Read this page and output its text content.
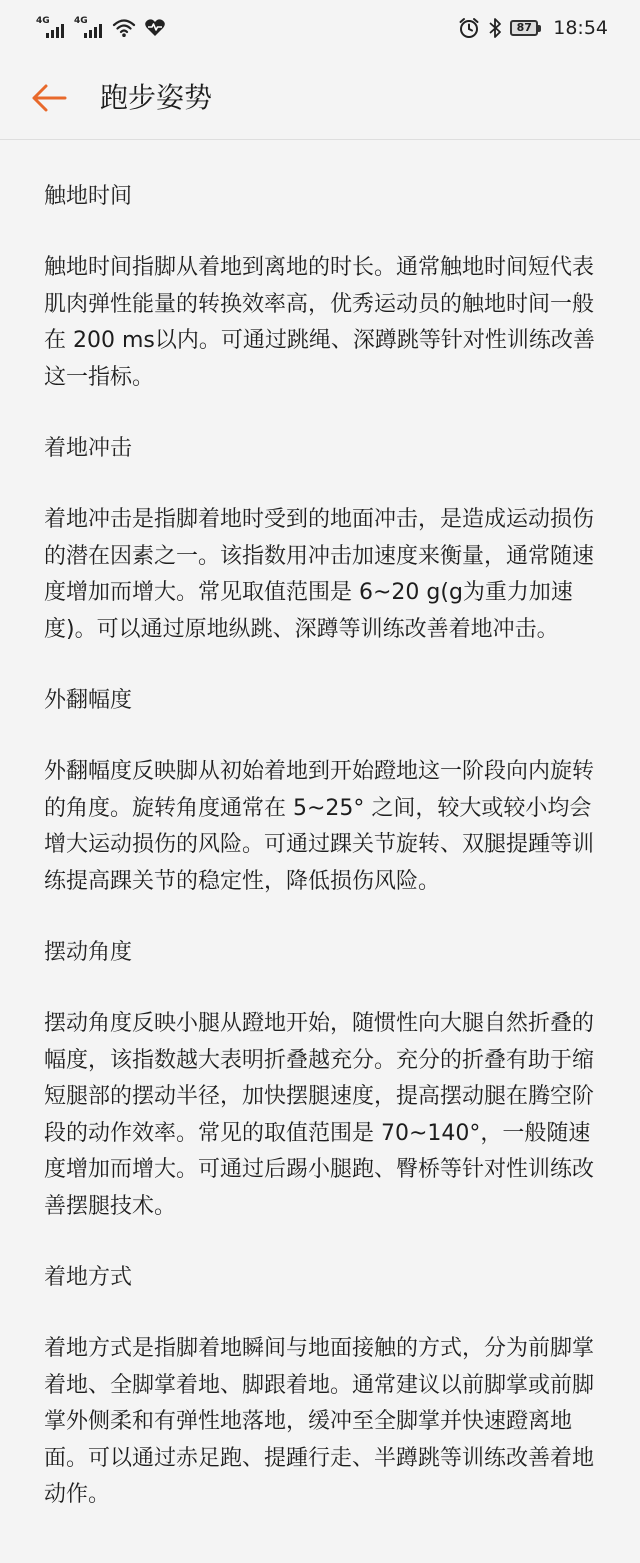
4G	4G	87 18:54
跑步姿势
触地时间
触地时间指脚从着地到离地的时长。通常触地时间短代表肌肉弹性能量的转换效率高，优秀运动员的触地时间一般在 200 ms以内。可通过跳绳、深蹲跳等针对性训练改善这一指标。
着地冲击
着地冲击是指脚着地时受到的地面冲击，是造成运动损伤的潜在因素之一。该指数用冲击加速度来衡量，通常随速度增加而增大。常见取值范围是 6~20 g(g为重力加速度)。可以通过原地纵跳、深蹲等训练改善着地冲击。
外翻幅度
外翻幅度反映脚从初始着地到开始蹬地这一阶段向内旋转的角度。旋转角度通常在 5~25° 之间，较大或较小均会增大运动损伤的风险。可通过踝关节旋转、双腿提踵等训练提高踝关节的稳定性，降低损伤风险。
摆动角度
摆动角度反映小腿从蹬地开始，随惯性向大腿自然折叠的幅度，该指数越大表明折叠越充分。充分的折叠有助于缩短腿部的摆动半径，加快摆腿速度，提高摆动腿在腾空阶段的动作效率。常见的取值范围是 70~140°，一般随速度增加而增大。可通过后踢小腿跑、臀桥等针对性训练改善摆腿技术。
着地方式
着地方式是指脚着地瞬间与地面接触的方式，分为前脚掌着地、全脚掌着地、脚跟着地。通常建议以前脚掌或前脚掌外侧柔和有弹性地落地，缓冲至全脚掌并快速蹬离地面。可以通过赤足跑、提踵行走、半蹲跳等训练改善着地动作。
